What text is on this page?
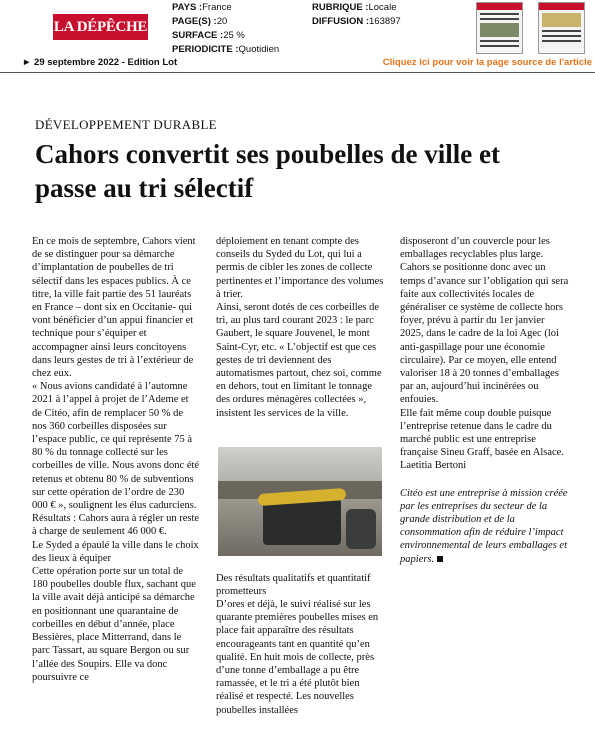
LA DÉPÊCHE
PAYS :France
PAGE(S) :20
SURFACE :25 %
PERIODICITE :Quotidien
RUBRIQUE :Locale
DIFFUSION :163897
► 29 septembre 2022 - Edition Lot	Cliquez ici pour voir la page source de l'article
DÉVELOPPEMENT DURABLE
Cahors convertit ses poubelles de ville et passe au tri sélectif

En ce mois de septembre, Cahors vient de se distinguer pour sa démarche d’implantation de poubelles de tri sélectif dans les espaces publics. À ce titre, la ville fait partie des 51 lauréats en France – dont six en Occitanie- qui vont bénéficier d’un appui financier et technique pour s’équiper et accompagner ainsi leurs concitoyens dans leurs gestes de tri à l’extérieur de chez eux.

« Nous avions candidaté à l’automne 2021 à l’appel à projet de l’Ademe et de Citéo, afin de remplacer 50 % de nos 360 corbeilles disposées sur l’espace public, ce qui représente 75 à 80 % du tonnage collecté sur les corbeilles de ville. Nous avons donc été retenus et obtenu 80 % de subventions sur cette opération de l’ordre de 230 000 € », soulignent les élus cadurciens. Résultats : Cahors aura à régler un reste à charge de seulement 46 000 €.

Le Syded a épaulé la ville dans le choix des lieux à équiper

Cette opération porte sur un total de 180 poubelles double flux, sachant que la ville avait déjà anticipé sa démarche en positionnant une quarantaine de corbeilles en début d’année, place Bessières, place Mitterrand, dans le parc Tassart, au square Bergon ou sur l’allée des Soupirs. Elle va donc poursuivre ce

déploiement en tenant compte des conseils du Syded du Lot, qui lui a permis de cibler les zones de collecte pertinentes et l’importance des volumes à trier.

Ainsi, seront dotés de ces corbeilles de tri, au plus tard courant 2023 : le parc Gaubert, le square Jouvenel, le mont Saint-Cyr, etc. « L’objectif est que ces gestes de tri deviennent des automatismes partout, chez soi, comme en dehors, tout en limitant le tonnage des ordures ménagères collectées », insistent les services de la ville.

Des résultats qualitatifs et quantitatif prometteurs

D’ores et déjà, le suivi réalisé sur les quarante premières poubelles mises en place fait apparaître des résultats encourageants tant en quantité qu’en qualité. En huit mois de collecte, près d’une tonne d’emballage a pu être ramassée, et le tri a été plutôt bien réalisé et respecté. Les nouvelles poubelles installées

disposeront d’un couvercle pour les emballages recyclables plus large. Cahors se positionne donc avec un temps d’avance sur l’obligation qui sera faite aux collectivités locales de généraliser ce système de collecte hors foyer, prévu à partir du 1er janvier 2025, dans le cadre de la loi Agec (loi anti-gaspillage pour une économie circulaire). Par ce moyen, elle entend valoriser 18 à 20 tonnes d’emballages par an, aujourd’hui incinérées ou enfouies.

Elle fait même coup double puisque l’entreprise retenue dans le cadre du marché public est une entreprise française Sineu Graff, basée en Alsace.

Laetitia Bertoni

Citéo est une entreprise à mission créée par les entreprises du secteur de la grande distribution et de la consommation afin de réduire l’impact environnemental de leurs emballages et papiers.
